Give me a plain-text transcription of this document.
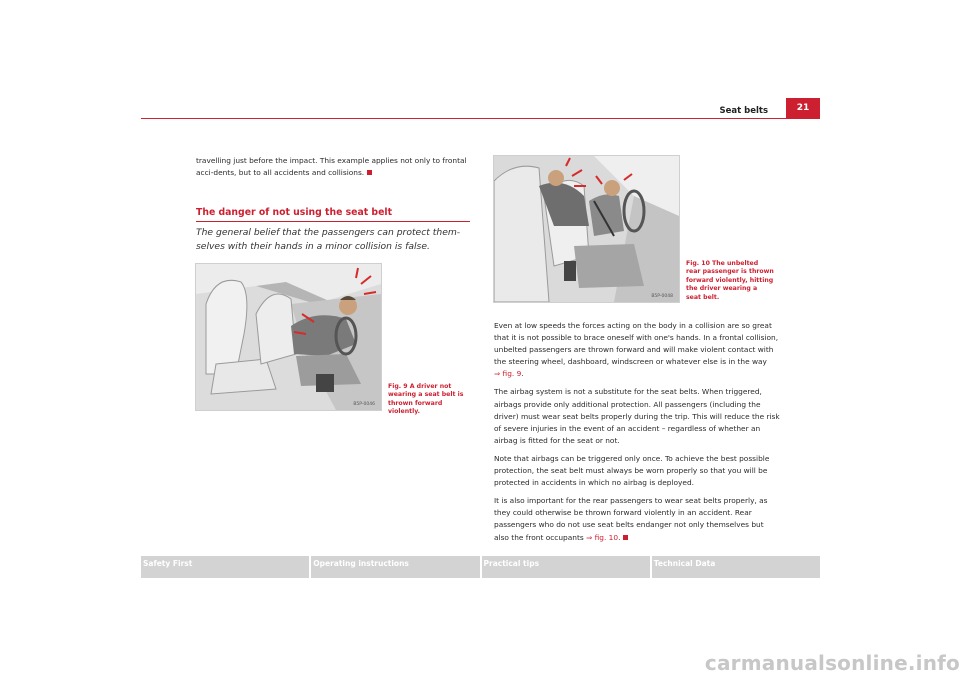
Seat belts	21
travelling just before the impact. This example applies not only to frontal acci-dents, but to all accidents and collisions.
The danger of not using the seat belt
The general belief that the passengers can protect them-selves with their hands in a minor collision is false.
B5P-0046
Fig. 9 A driver not wearing a seat belt is thrown forward violently.
B5P-0048
Fig. 10 The unbelted rear passenger is thrown forward violently, hitting the driver wearing a seat belt.

Even at low speeds the forces acting on the body in a collision are so great that it is not possible to brace oneself with one's hands. In a frontal collision, unbelted passengers are thrown forward and will make violent contact with the steering wheel, dashboard, windscreen or whatever else is in the way
⇒ fig. 9.

The airbag system is not a substitute for the seat belts. When triggered, airbags provide only additional protection. All passengers (including the driver) must wear seat belts properly during the trip. This will reduce the risk of severe injuries in the event of an accident – regardless of whether an airbag is fitted for the seat or not.

Note that airbags can be triggered only once. To achieve the best possible protection, the seat belt must always be worn properly so that you will be protected in accidents in which no airbag is deployed.

It is also important for the rear passengers to wear seat belts properly, as they could otherwise be thrown forward violently in an accident. Rear passengers who do not use seat belts endanger not only themselves but also the front occupants ⇒ fig. 10.

Safety First	Operating instructions	Practical tips	Technical Data
carmanualsonline.info
